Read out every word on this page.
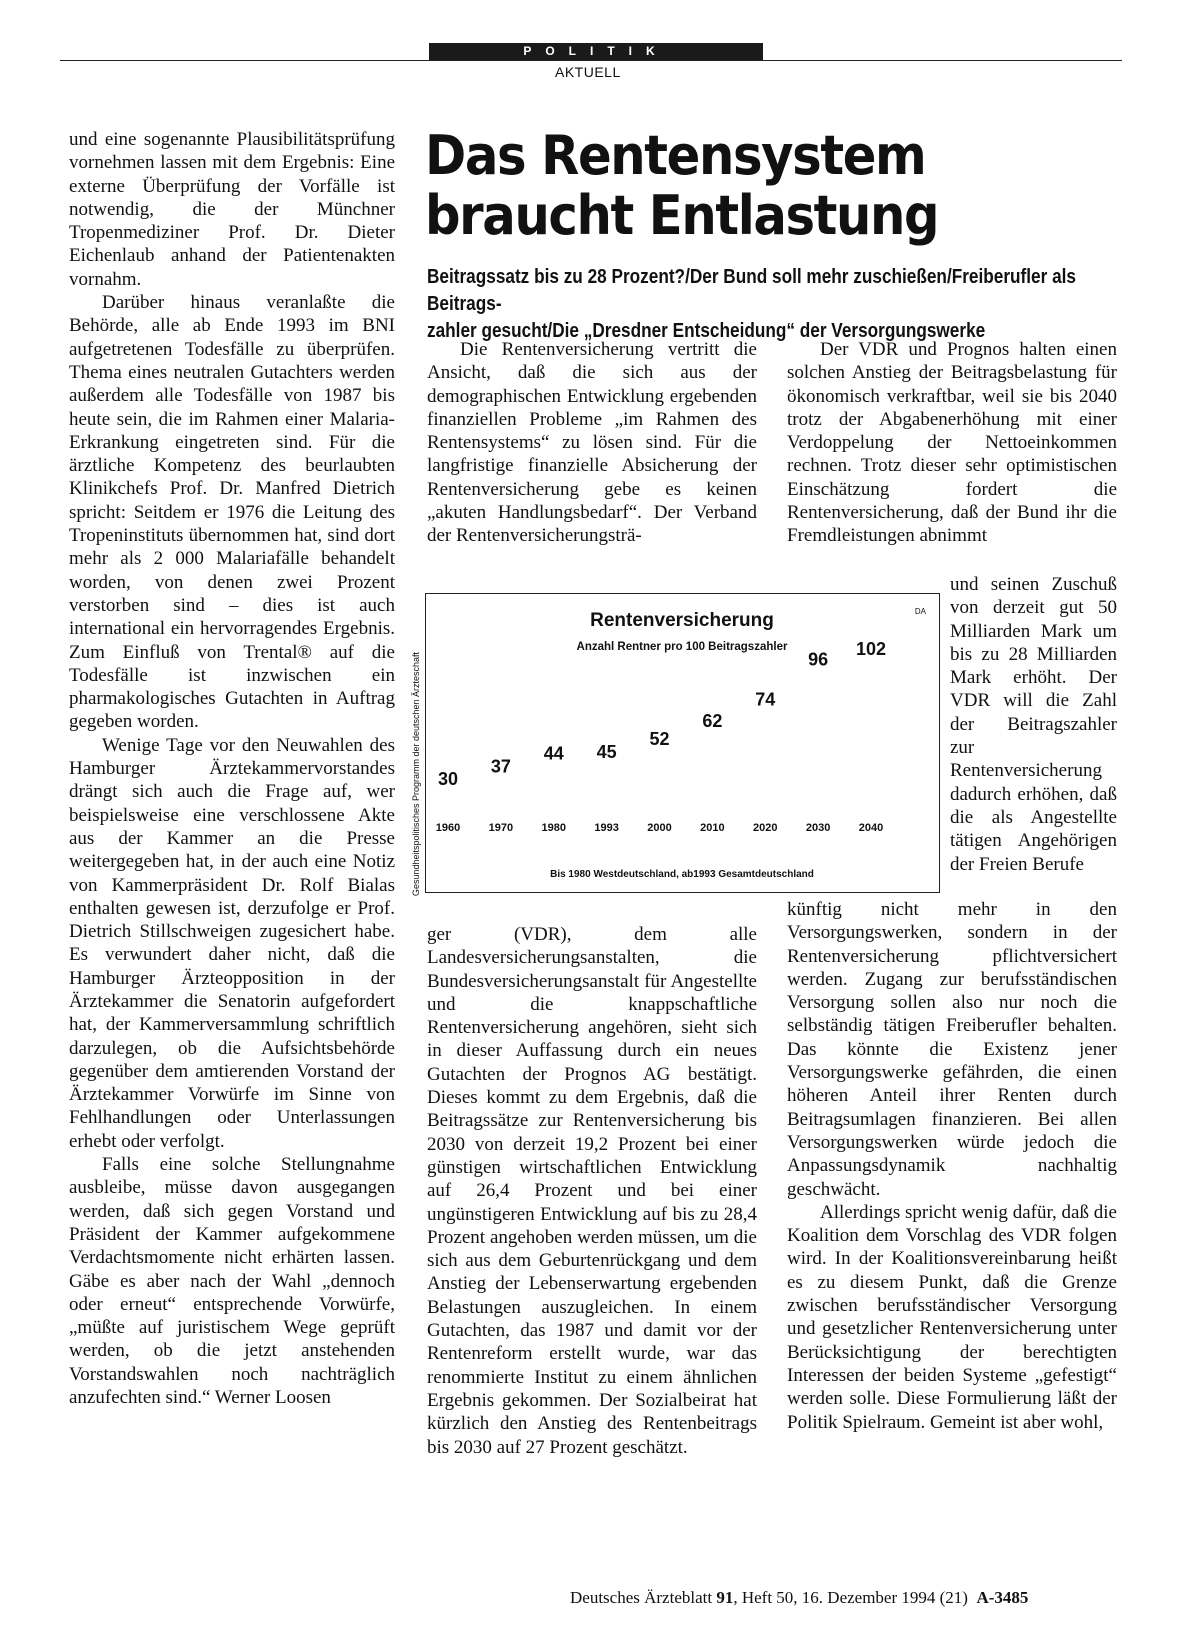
POLITIK
AKTUELL

und eine sogenannte Plausibilitätsprüfung vornehmen lassen mit dem Ergebnis: Eine externe Überprüfung der Vorfälle ist notwendig, die der Münchner Tropenmediziner Prof. Dr. Dieter Eichenlaub anhand der Patientenakten vornahm.

Darüber hinaus veranlaßte die Behörde, alle ab Ende 1993 im BNI aufgetretenen Todesfälle zu überprüfen. Thema eines neutralen Gutachters werden außerdem alle Todesfälle von 1987 bis heute sein, die im Rahmen einer Malaria-Erkrankung eingetreten sind. Für die ärztliche Kompetenz des beurlaubten Klinikchefs Prof. Dr. Manfred Dietrich spricht: Seitdem er 1976 die Leitung des Tropeninstituts übernommen hat, sind dort mehr als 2 000 Malariafälle behandelt worden, von denen zwei Prozent verstorben sind – dies ist auch international ein hervorragendes Ergebnis. Zum Einfluß von Trental® auf die Todesfälle ist inzwischen ein pharmakologisches Gutachten in Auftrag gegeben worden.

Wenige Tage vor den Neuwahlen des Hamburger Ärztekammervorstandes drängt sich auch die Frage auf, wer beispielsweise eine verschlossene Akte aus der Kammer an die Presse weitergegeben hat, in der auch eine Notiz von Kammerpräsident Dr. Rolf Bialas enthalten gewesen ist, derzufolge er Prof. Dietrich Stillschweigen zugesichert habe. Es verwundert daher nicht, daß die Hamburger Ärzteopposition in der Ärztekammer die Senatorin aufgefordert hat, der Kammerversammlung schriftlich darzulegen, ob die Aufsichtsbehörde gegenüber dem amtierenden Vorstand der Ärztekammer Vorwürfe im Sinne von Fehlhandlungen oder Unterlassungen erhebt oder verfolgt.

Falls eine solche Stellungnahme ausbleibe, müsse davon ausgegangen werden, daß sich gegen Vorstand und Präsident der Kammer aufgekommene Verdachtsmomente nicht erhärten lassen. Gäbe es aber nach der Wahl „dennoch oder erneut“ entsprechende Vorwürfe, „müßte auf juristischem Wege geprüft werden, ob die jetzt anstehenden Vorstandswahlen noch nachträglich anzufechten sind.“ Werner Loosen

Das Rentensystem
braucht Entlastung
Beitragssatz bis zu 28 Prozent?/Der Bund soll mehr zuschießen/Freiberufler als Beitrags-
zahler gesucht/Die „Dresdner Entscheidung“ der Versorgungswerke

Die Rentenversicherung vertritt die Ansicht, daß die sich aus der demographischen Entwicklung ergebenden finanziellen Probleme „im Rahmen des Rentensystems“ zu lösen sind. Für die langfristige finanzielle Absicherung der Rentenversicherung gebe es keinen „akuten Handlungsbedarf“. Der Verband der Rentenversicherungsträ-

ger (VDR), dem alle Landesversicherungsanstalten, die Bundesversicherungsanstalt für Angestellte und die knappschaftliche Rentenversicherung angehören, sieht sich in dieser Auffassung durch ein neues Gutachten der Prognos AG bestätigt. Dieses kommt zu dem Ergebnis, daß die Beitragssätze zur Rentenversicherung bis 2030 von derzeit 19,2 Prozent bei einer günstigen wirtschaftlichen Entwicklung auf 26,4 Prozent und bei einer ungünstigeren Entwicklung auf bis zu 28,4 Prozent angehoben werden müssen, um die sich aus dem Geburtenrückgang und dem Anstieg der Lebenserwartung ergebenden Belastungen auszugleichen. In einem Gutachten, das 1987 und damit vor der Rentenreform erstellt wurde, war das renommierte Institut zu einem ähnlichen Ergebnis gekommen. Der Sozialbeirat hat kürzlich den Anstieg des Rentenbeitrags bis 2030 auf 27 Prozent geschätzt.

Der VDR und Prognos halten einen solchen Anstieg der Beitragsbelastung für ökonomisch verkraftbar, weil sie bis 2040 trotz der Abgabenerhöhung mit einer Verdoppelung der Nettoeinkommen rechnen. Trotz dieser sehr optimistischen Einschätzung fordert die Rentenversicherung, daß der Bund ihr die Fremdleistungen abnimmt

und seinen Zuschuß von derzeit gut 50 Milliarden Mark um bis zu 28 Milliarden Mark erhöht. Der VDR will die Zahl der Beitragszahler zur Rentenversicherung dadurch erhöhen, daß die als Angestellte tätigen Angehörigen der Freien Berufe

künftig nicht mehr in den Versorgungswerken, sondern in der Rentenversicherung pflichtversichert werden. Zugang zur berufsständischen Versorgung sollen also nur noch die selbständig tätigen Freiberufler behalten. Das könnte die Existenz jener Versorgungswerke gefährden, die einen höheren Anteil ihrer Renten durch Beitragsumlagen finanzieren. Bei allen Versorgungswerken würde jedoch die Anpassungsdynamik nachhaltig geschwächt.

Allerdings spricht wenig dafür, daß die Koalition dem Vorschlag des VDR folgen wird. In der Koalitionsvereinbarung heißt es zu diesem Punkt, daß die Grenze zwischen berufsständischer Versorgung und gesetzlicher Rentenversicherung unter Berücksichtigung der berechtigten Interessen der beiden Systeme „gefestigt“ werden solle. Diese Formulierung läßt der Politik Spielraum. Gemeint ist aber wohl,

Gesundheitspolitisches Programm der deutschen Ärzteschaft
Rentenversicherung
Anzahl Rentner pro 100 Beitragszahler
DA
30
37
44 45
52
62
74
96
102
1960	1970	1980	1993	2000	2010	2020	2030	2040
Bis 1980 Westdeutschland, ab1993 Gesamtdeutschland
Deutsches Ärzteblatt 91, Heft 50, 16. Dezember 1994 (21) A-3485
